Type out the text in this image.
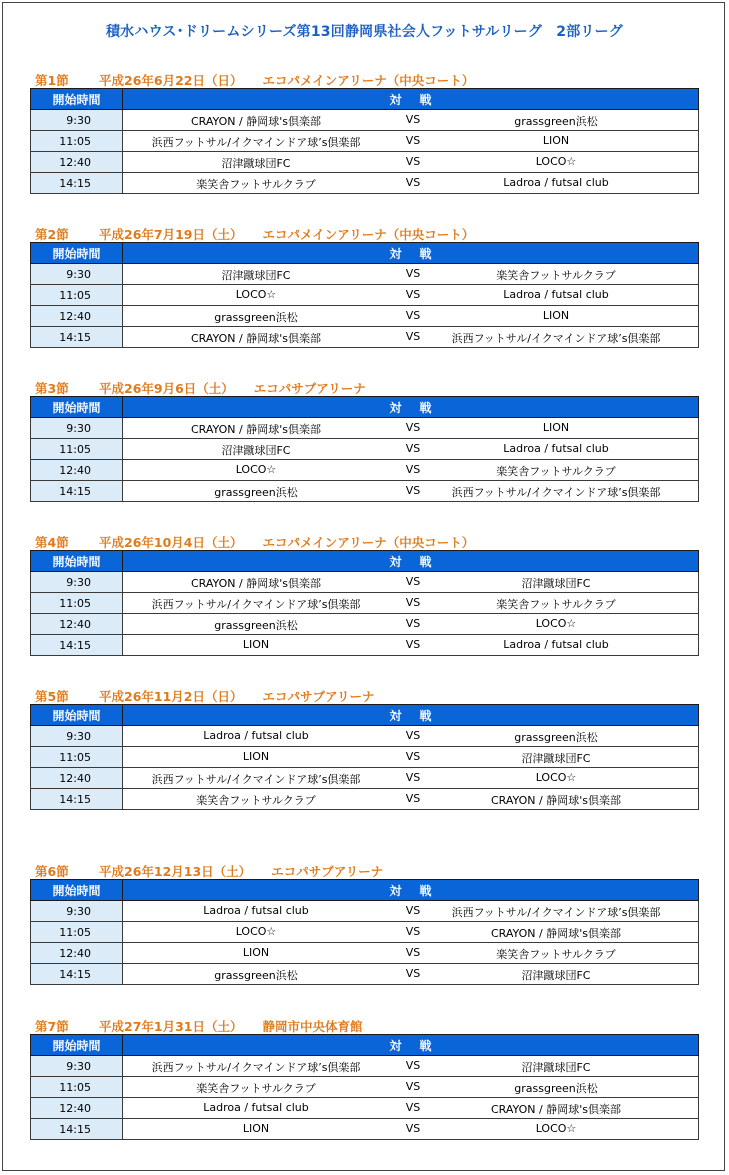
積水ハウス･ドリームシリーズ第13回静岡県社会人フットサルリーグ　2部リーグ
第1節 平成26年6月22日（日） エコパメインアリーナ（中央コート）
開始時間	対戦
9:30	CRAYON / 静岡球's倶楽部 VS grassgreen浜松

11:05	浜西フットサル/イクマインドア球’s倶楽部 VS LION

12:40	沼津蹴球団FC VS LOCO☆

14:15	楽笑舎フットサルクラブ VS Ladroa / futsal club
第2節 平成26年7月19日（土） エコパメインアリーナ（中央コート）
開始時間	対戦
9:30	沼津蹴球団FC VS 楽笑舎フットサルクラブ

11:05	LOCO☆ VS Ladroa / futsal club

12:40	grassgreen浜松 VS LION

14:15	CRAYON / 静岡球's倶楽部 VS 浜西フットサル/イクマインドア球’s倶楽部
第3節 平成26年9月6日（土） エコパサブアリーナ
開始時間	対戦
9:30	CRAYON / 静岡球's倶楽部 VS LION

11:05	沼津蹴球団FC VS Ladroa / futsal club

12:40	LOCO☆ VS 楽笑舎フットサルクラブ

14:15	grassgreen浜松 VS 浜西フットサル/イクマインドア球’s倶楽部
第4節 平成26年10月4日（土） エコパメインアリーナ（中央コート）
開始時間	対戦
9:30	CRAYON / 静岡球's倶楽部 VS 沼津蹴球団FC

11:05	浜西フットサル/イクマインドア球’s倶楽部 VS 楽笑舎フットサルクラブ

12:40	grassgreen浜松 VS LOCO☆

14:15	LION VS Ladroa / futsal club
第5節 平成26年11月2日（日） エコパサブアリーナ
開始時間	対戦
9:30	Ladroa / futsal club VS grassgreen浜松

11:05	LION VS 沼津蹴球団FC

12:40	浜西フットサル/イクマインドア球’s倶楽部 VS LOCO☆

14:15	楽笑舎フットサルクラブ VS CRAYON / 静岡球's倶楽部
第6節 平成26年12月13日（土） エコパサブアリーナ
開始時間	対戦
9:30	Ladroa / futsal club VS 浜西フットサル/イクマインドア球’s倶楽部

11:05	LOCO☆ VS CRAYON / 静岡球's倶楽部

12:40	LION VS 楽笑舎フットサルクラブ

14:15	grassgreen浜松 VS 沼津蹴球団FC
第7節 平成27年1月31日（土） 静岡市中央体育館
開始時間	対戦
9:30	浜西フットサル/イクマインドア球’s倶楽部 VS 沼津蹴球団FC

11:05	楽笑舎フットサルクラブ VS grassgreen浜松

12:40	Ladroa / futsal club VS CRAYON / 静岡球's倶楽部

14:15	LION VS LOCO☆
